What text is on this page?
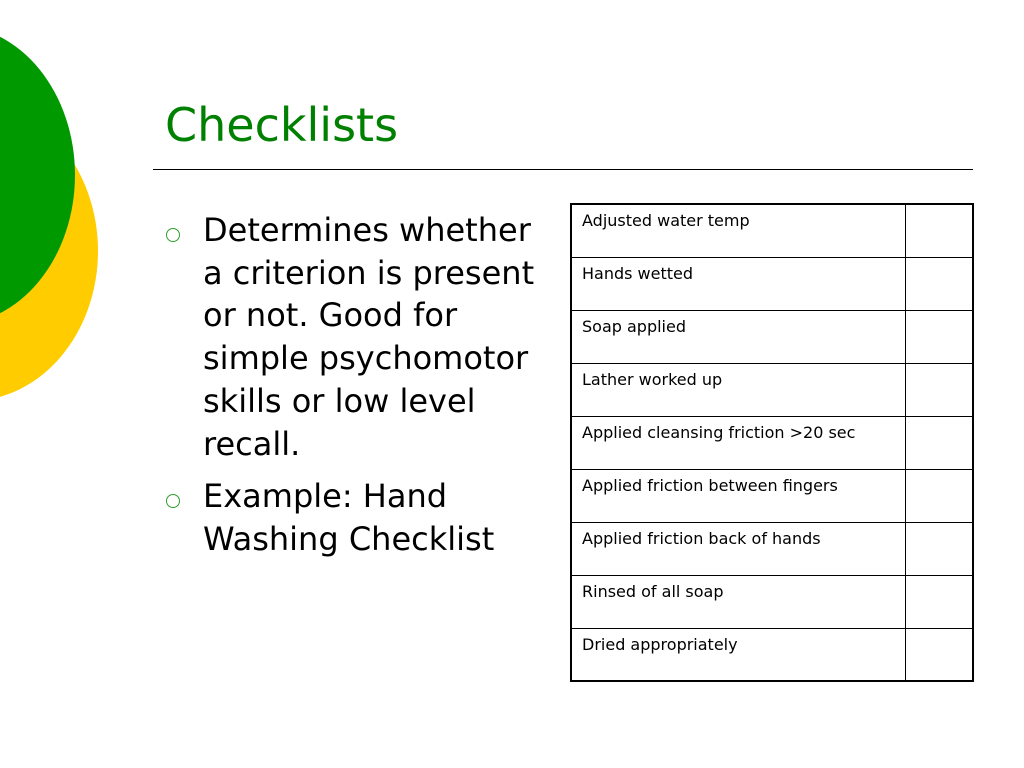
Checklists
Determines whether a criterion is present or not. Good for simple psychomotor skills or low level recall.
Example: Hand Washing Checklist
Adjusted water temp	
Hands wetted	
Soap applied	
Lather worked up	
Applied cleansing friction >20 sec	
Applied friction between fingers	
Applied friction back of hands	
Rinsed of all soap	
Dried appropriately	
